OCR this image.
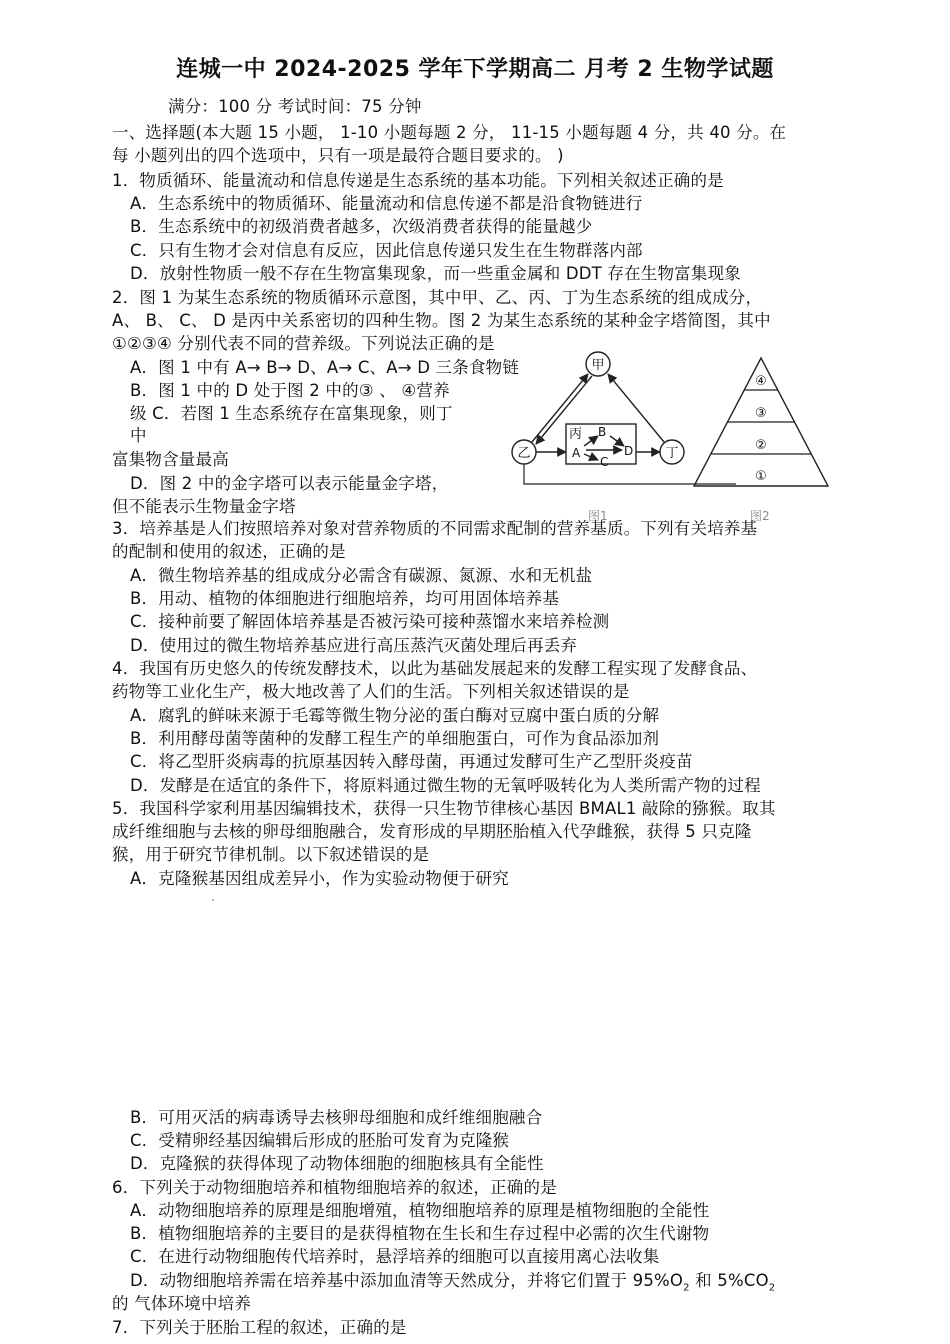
连城一中 2024-2025 学年下学期高二 月考 2 生物学试题
满分：100 分 考试时间：75 分钟
一、选择题(本大题 15 小题， 1-10 小题每题 2 分， 11-15 小题每题 4 分，共 40 分。在
每 小题列出的四个选项中，只有一项是最符合题目要求的。 )
1．物质循环、能量流动和信息传递是生态系统的基本功能。下列相关叙述正确的是
A．生态系统中的物质循环、能量流动和信息传递不都是沿食物链进行
B．生态系统中的初级消费者越多，次级消费者获得的能量越少
C．只有生物才会对信息有反应，因此信息传递只发生在生物群落内部
D．放射性物质一般不存在生物富集现象，而一些重金属和 DDT 存在生物富集现象
2．图 1 为某生态系统的物质循环示意图，其中甲、乙、丙、丁为生态系统的组成成分，
A、 B、 C、 D 是丙中关系密切的四种生物。图 2 为某生态系统的某种金字塔简图，其中
①②③④ 分别代表不同的营养级。下列说法正确的是
A．图 1 中有 A→ B→ D、A→ C、A→ D 三条食物链
B．图 1 中的 D 处于图 2 中的③ 、 ④营养
级 C．若图 1 生态系统存在富集现象，则丁
中
富集物含量最高
D．图 2 中的金字塔可以表示能量金字塔，
但不能表示生物量金字塔
甲
乙	丁
丙
A
B
C
D
图1
④
③
②
①
图2
3．培养基是人们按照培养对象对营养物质的不同需求配制的营养基质。下列有关培养基
的配制和使用的叙述，正确的是
A．微生物培养基的组成成分必需含有碳源、氮源、水和无机盐
B．用动、植物的体细胞进行细胞培养，均可用固体培养基
C．接种前要了解固体培养基是否被污染可接种蒸馏水来培养检测
D．使用过的微生物培养基应进行高压蒸汽灭菌处理后再丢弃
4．我国有历史悠久的传统发酵技术，以此为基础发展起来的发酵工程实现了发酵食品、
药物等工业化生产，极大地改善了人们的生活。下列相关叙述错误的是
A．腐乳的鲜味来源于毛霉等微生物分泌的蛋白酶对豆腐中蛋白质的分解
B．利用酵母菌等菌种的发酵工程生产的单细胞蛋白，可作为食品添加剂
C．将乙型肝炎病毒的抗原基因转入酵母菌，再通过发酵可生产乙型肝炎疫苗
D．发酵是在适宜的条件下，将原料通过微生物的无氧呼吸转化为人类所需产物的过程
5．我国科学家利用基因编辑技术，获得一只生物节律核心基因 BMAL1 敲除的猕猴。取其
成纤维细胞与去核的卵母细胞融合，发育形成的早期胚胎植入代孕雌猴，获得 5 只克隆
猴，用于研究节律机制。以下叙述错误的是
A．克隆猴基因组成差异小，作为实验动物便于研究
B．可用灭活的病毒诱导去核卵母细胞和成纤维细胞融合
C．受精卵经基因编辑后形成的胚胎可发育为克隆猴
D．克隆猴的获得体现了动物体细胞的细胞核具有全能性
6．下列关于动物细胞培养和植物细胞培养的叙述，正确的是
A．动物细胞培养的原理是细胞增殖，植物细胞培养的原理是植物细胞的全能性
B．植物细胞培养的主要目的是获得植物在生长和生存过程中必需的次生代谢物
C．在进行动物细胞传代培养时，悬浮培养的细胞可以直接用离心法收集
D．动物细胞培养需在培养基中添加血清等天然成分，并将它们置于 $95\%O_2$ 和 $5\%CO_2$
的 气体环境中培养
7．下列关于胚胎工程的叙述，正确的是
